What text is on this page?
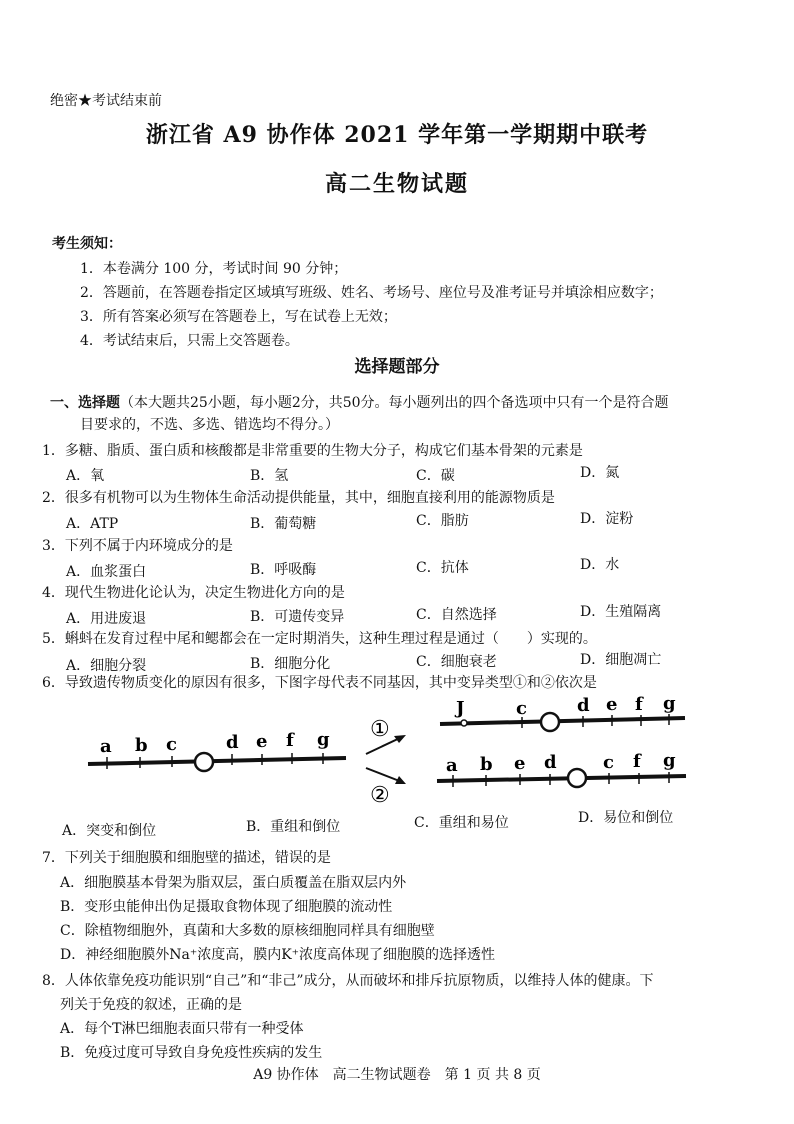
绝密★考试结束前
浙江省 A9 协作体 2021 学年第一学期期中联考
高二生物试题
考生须知：
1．本卷满分 100 分，考试时间 90 分钟；
2．答题前，在答题卷指定区域填写班级、姓名、考场号、座位号及准考证号并填涂相应数字；
3．所有答案必须写在答题卷上，写在试卷上无效；
4．考试结束后，只需上交答题卷。
选择题部分
一、选择题（本大题共25小题，每小题2分，共50分。每小题列出的四个备选项中只有一个是符合题
目要求的，不选、多选、错选均不得分。）
1．多糖、脂质、蛋白质和核酸都是非常重要的生物大分子，构成它们基本骨架的元素是
A．氧	B．氢	C．碳	D．氮
2．很多有机物可以为生物体生命活动提供能量，其中，细胞直接利用的能源物质是
A．ATP	B．葡萄糖	C．脂肪	D．淀粉
3．下列不属于内环境成分的是
A．血浆蛋白	B．呼吸酶	C．抗体	D．水
4．现代生物进化论认为，决定生物进化方向的是
A．用进废退	B．可遗传变异	C．自然选择	D．生殖隔离
5．蝌蚪在发育过程中尾和鳃都会在一定时期消失，这种生理过程是通过（　　）实现的。
A．细胞分裂	B．细胞分化	C．细胞衰老	D．细胞凋亡
6．导致遗传物质变化的原因有很多，下图字母代表不同基因，其中变异类型①和②依次是
a b c	d e f g ①
②
J	c	d e f g
a b e d	c f g
A．突变和倒位	B．重组和倒位	C．重组和易位	D．易位和倒位
7．下列关于细胞膜和细胞壁的描述，错误的是
A．细胞膜基本骨架为脂双层，蛋白质覆盖在脂双层内外
B．变形虫能伸出伪足摄取食物体现了细胞膜的流动性
C．除植物细胞外，真菌和大多数的原核细胞同样具有细胞壁
D．神经细胞膜外Na⁺浓度高，膜内K⁺浓度高体现了细胞膜的选择透性
8．人体依靠免疫功能识别“自己”和“非己”成分，从而破坏和排斥抗原物质，以维持人体的健康。下
列关于免疫的叙述，正确的是
A．每个T淋巴细胞表面只带有一种受体
B．免疫过度可导致自身免疫性疾病的发生
A9 协作体　高二生物试题卷　第 1 页 共 8 页
